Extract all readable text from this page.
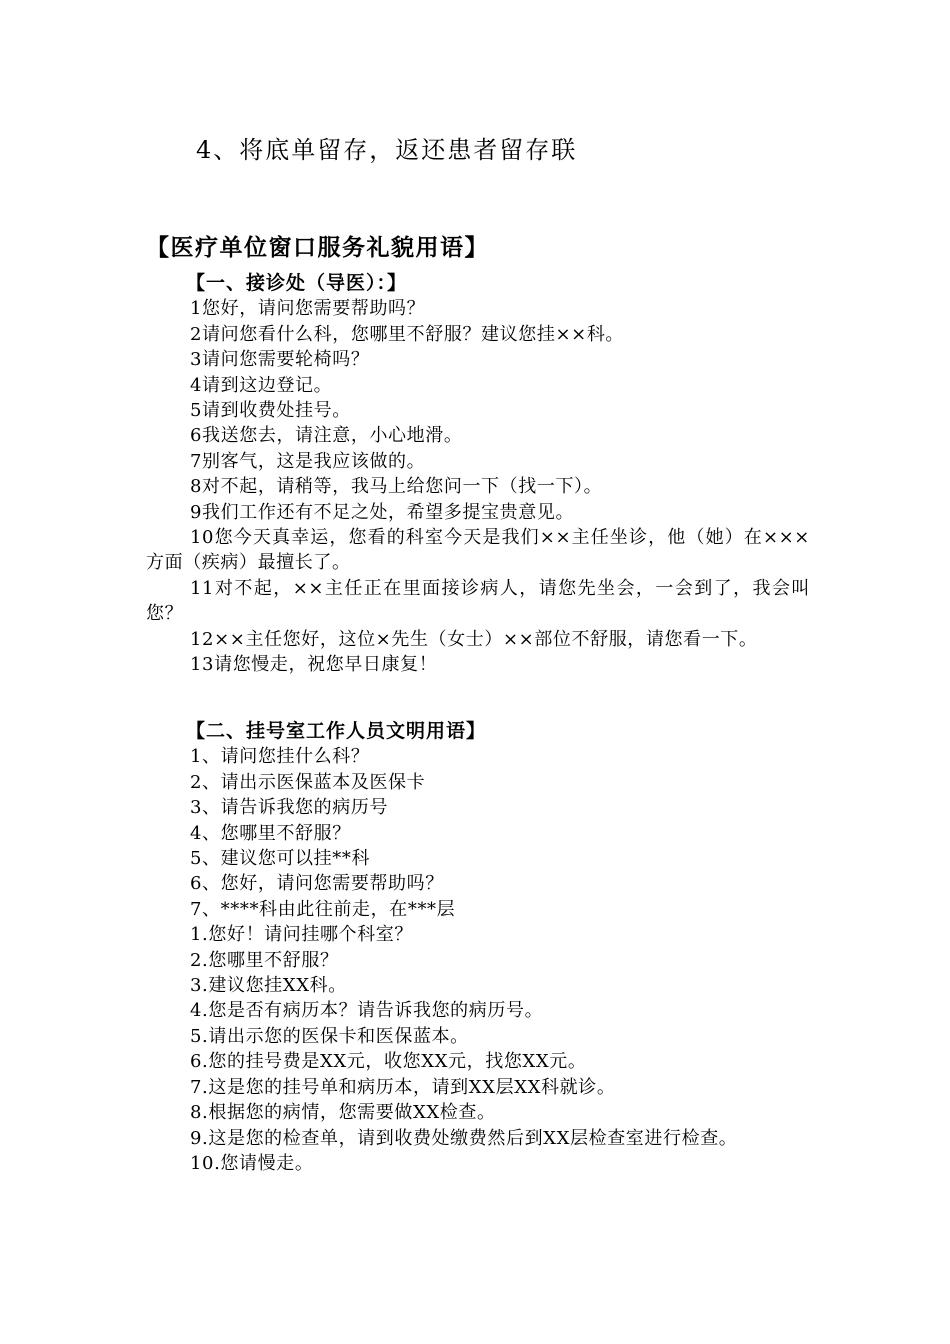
4、将底单留存，返还患者留存联
【医疗单位窗口服务礼貌用语】
【一、接诊处（导医）：】
1您好，请问您需要帮助吗？
2请问您看什么科，您哪里不舒服？建议您挂××科。
3请问您需要轮椅吗？
4请到这边登记。
5请到收费处挂号。
6我送您去，请注意，小心地滑。
7别客气，这是我应该做的。
8对不起，请稍等，我马上给您问一下（找一下）。
9我们工作还有不足之处，希望多提宝贵意见。
10您今天真幸运，您看的科室今天是我们××主任坐诊，他（她）在×××方面（疾病）最擅长了。
11对不起，××主任正在里面接诊病人，请您先坐会，一会到了，我会叫您？
12××主任您好，这位×先生（女士）××部位不舒服，请您看一下。
13请您慢走，祝您早日康复！
【二、挂号室工作人员文明用语】
1、请问您挂什么科？
2、请出示医保蓝本及医保卡
3、请告诉我您的病历号
4、您哪里不舒服？
5、建议您可以挂**科
6、您好，请问您需要帮助吗？
7、****科由此往前走，在***层
1.您好！请问挂哪个科室？
2.您哪里不舒服？
3.建议您挂XX科。
4.您是否有病历本？请告诉我您的病历号。
5.请出示您的医保卡和医保蓝本。
6.您的挂号费是XX元，收您XX元，找您XX元。
7.这是您的挂号单和病历本，请到XX层XX科就诊。
8.根据您的病情，您需要做XX检查。
9.这是您的检查单，请到收费处缴费然后到XX层检查室进行检查。
10.您请慢走。
